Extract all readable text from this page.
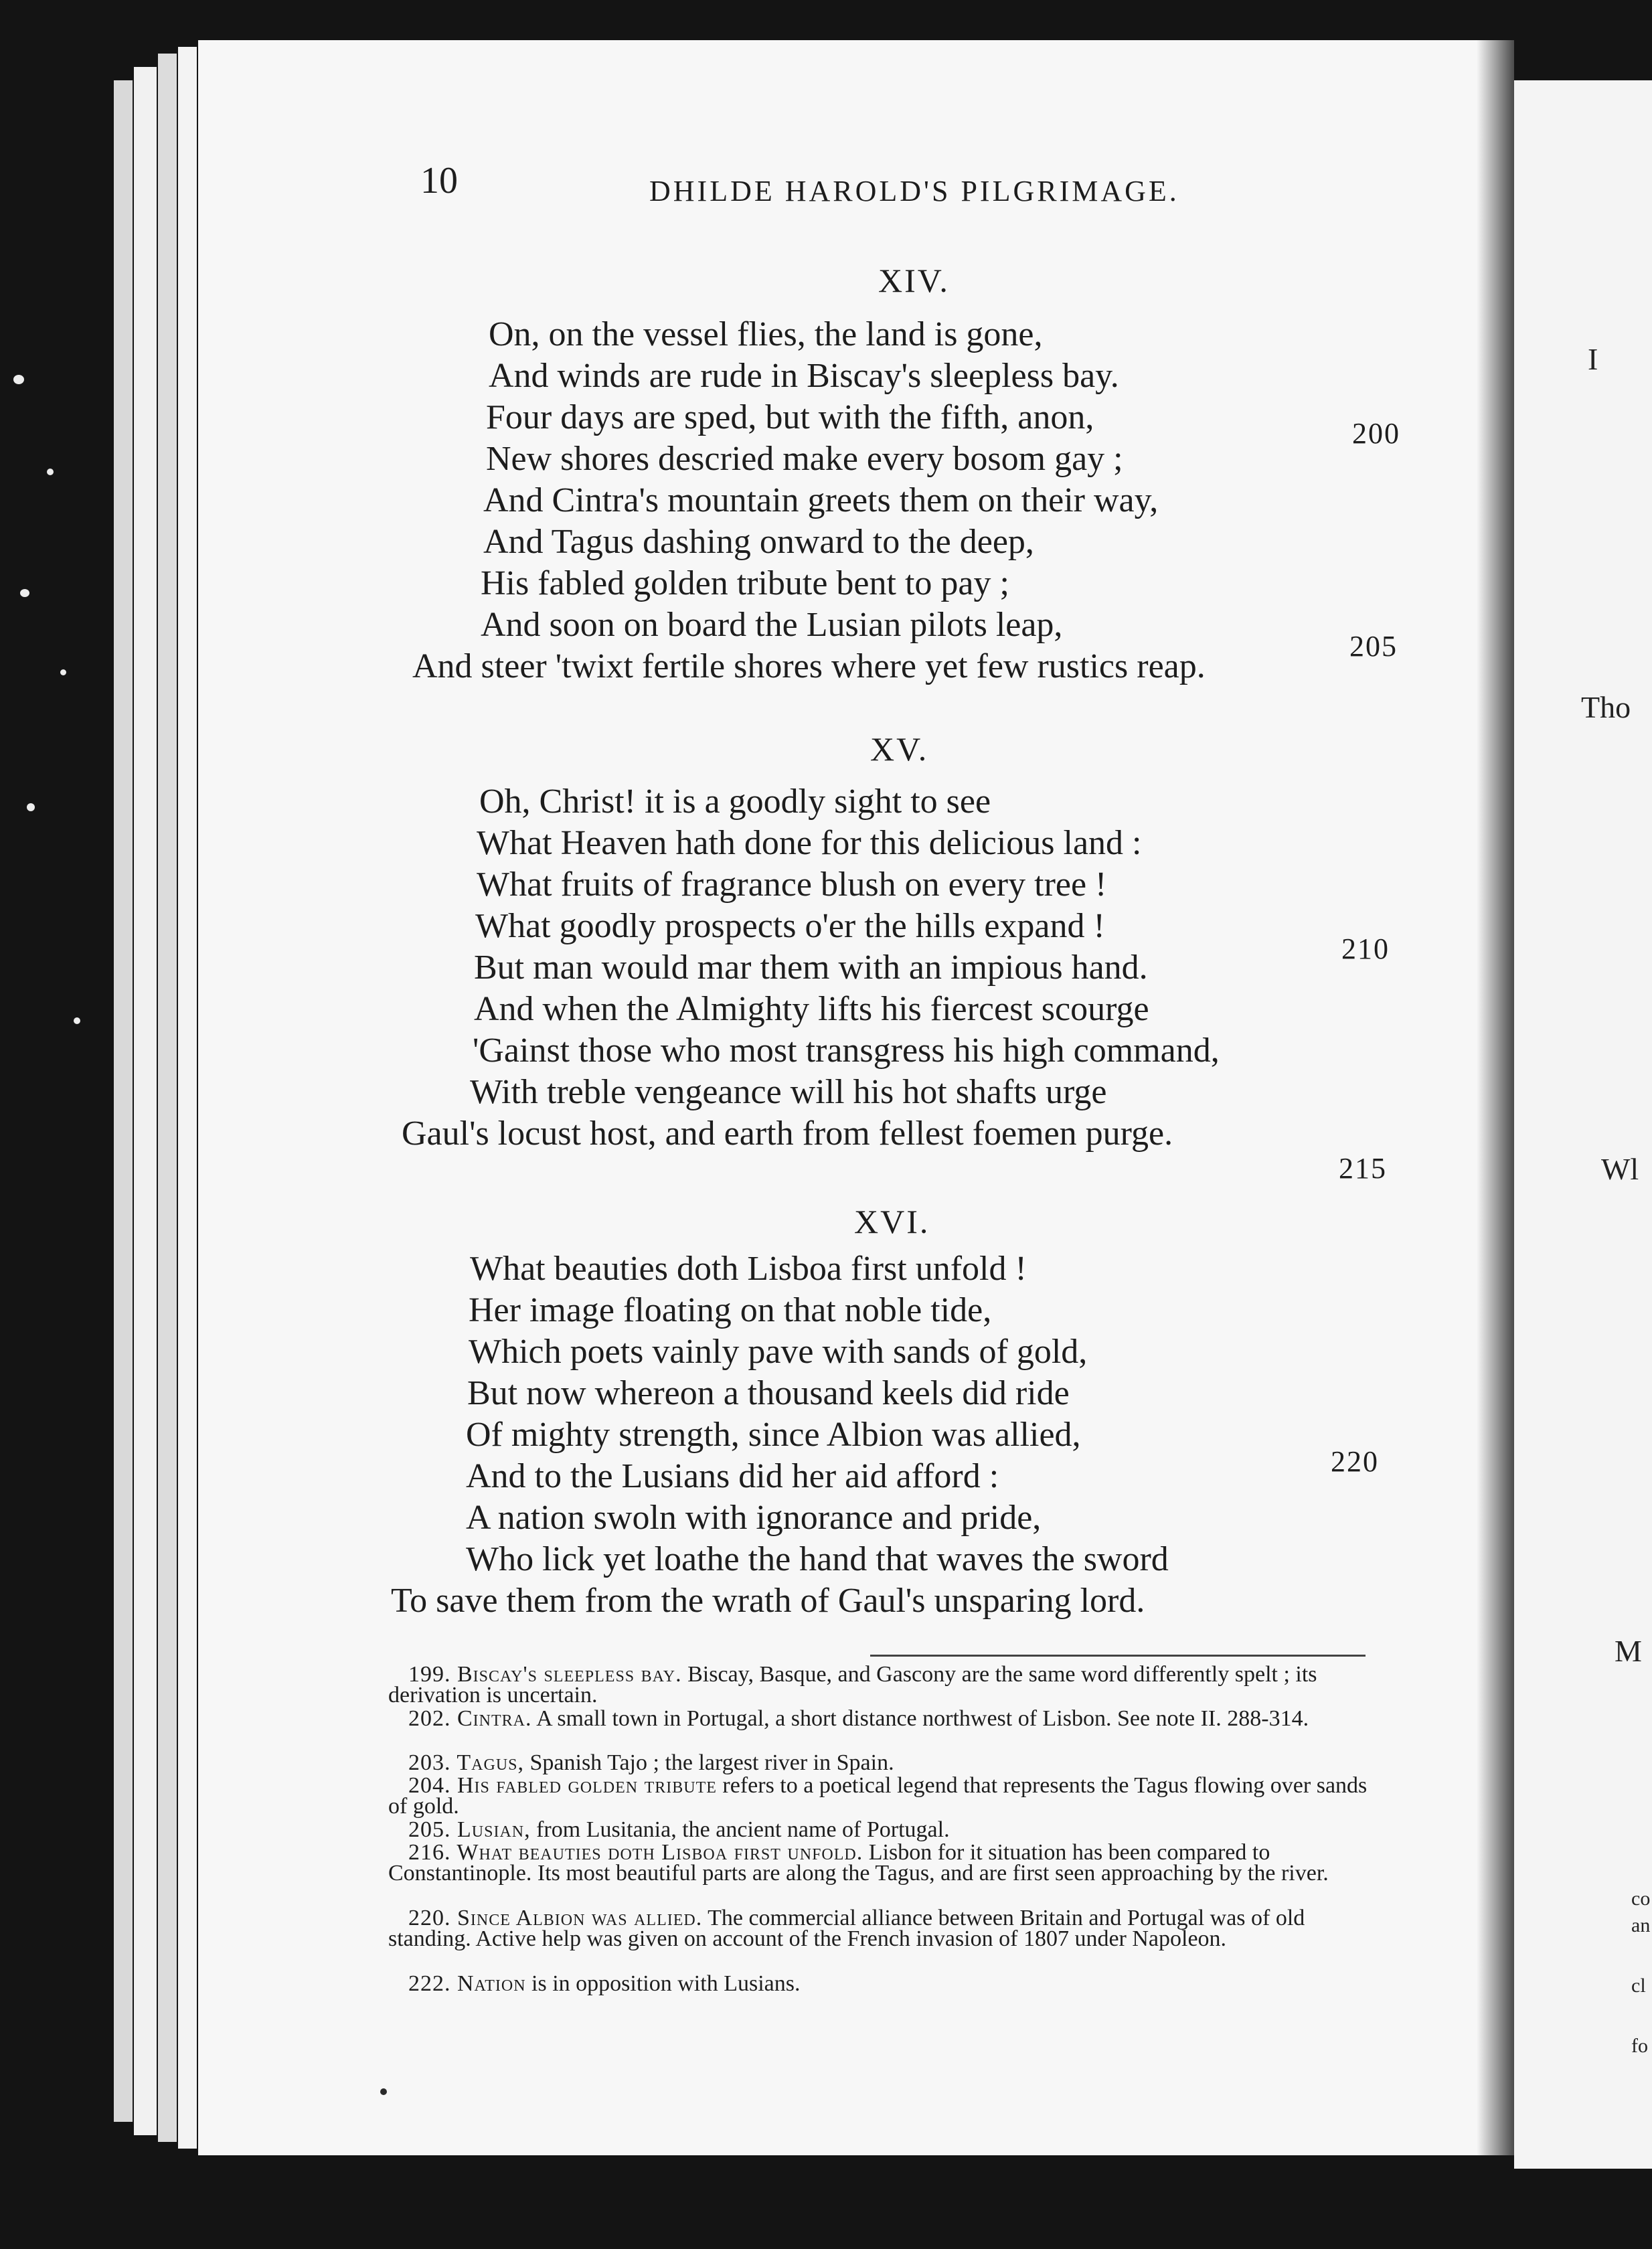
I
Tho
Wl
M
co
an
cl
fo
10	DHILDE HAROLD'S PILGRIMAGE.
XIV.
On, on the vessel flies, the land is gone,
And winds are rude in Biscay's sleepless bay.
Four days are sped, but with the fifth, anon,
New shores descried make every bosom gay ;
And Cintra's mountain greets them on their way,
And Tagus dashing onward to the deep,
His fabled golden tribute bent to pay ;
And soon on board the Lusian pilots leap,
And steer 'twixt fertile shores where yet few rustics reap.
200
205
XV.
Oh, Christ! it is a goodly sight to see
What Heaven hath done for this delicious land :
What fruits of fragrance blush on every tree !
What goodly prospects o'er the hills expand !
But man would mar them with an impious hand.
And when the Almighty lifts his fiercest scourge
'Gainst those who most transgress his high command,
With treble vengeance will his hot shafts urge
Gaul's locust host, and earth from fellest foemen purge.
210
215
XVI.
What beauties doth Lisboa first unfold !
Her image floating on that noble tide,
Which poets vainly pave with sands of gold,
But now whereon a thousand keels did ride
Of mighty strength, since Albion was allied,
And to the Lusians did her aid afford :
A nation swoln with ignorance and pride,
Who lick yet loathe the hand that waves the sword
To save them from the wrath of Gaul's unsparing lord.
220
199. Biscay's sleepless bay. Biscay, Basque, and Gascony are the same word differently spelt ; its derivation is uncertain.
202. Cintra. A small town in Portugal, a short distance northwest of Lisbon. See note II. 288-314.
203. Tagus, Spanish Tajo ; the largest river in Spain.
204. His fabled golden tribute refers to a poetical legend that represents the Tagus flowing over sands of gold.
205. Lusian, from Lusitania, the ancient name of Portugal.
216. What beauties doth Lisboa first unfold. Lisbon for it situation has been compared to Constantinople. Its most beautiful parts are along the Tagus, and are first seen approaching by the river.
220. Since Albion was allied. The commercial alliance between Britain and Portugal was of old standing. Active help was given on account of the French invasion of 1807 under Napoleon.
222. Nation is in opposition with Lusians.
